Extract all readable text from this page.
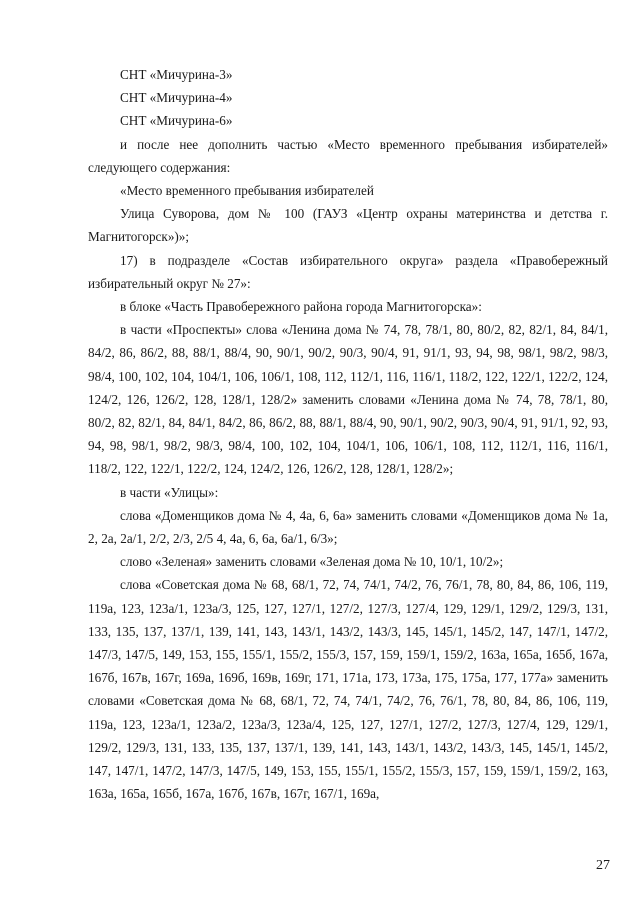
СНТ «Мичурина-3»

СНТ «Мичурина-4»

СНТ «Мичурина-6»

и после нее дополнить частью «Место временного пребывания избирателей» следующего содержания:

«Место временного пребывания избирателей

Улица Суворова, дом № 100 (ГАУЗ «Центр охраны материнства и детства г. Магнитогорск»)»;

17) в подразделе «Состав избирательного округа» раздела «Правобережный избирательный округ № 27»:

в блоке «Часть Правобережного района города Магнитогорска»:

в части «Проспекты» слова «Ленина дома № 74, 78, 78/1, 80, 80/2, 82, 82/1, 84, 84/1, 84/2, 86, 86/2, 88, 88/1, 88/4, 90, 90/1, 90/2, 90/3, 90/4, 91, 91/1, 93, 94, 98, 98/1, 98/2, 98/3, 98/4, 100, 102, 104, 104/1, 106, 106/1, 108, 112, 112/1, 116, 116/1, 118/2, 122, 122/1, 122/2, 124, 124/2, 126, 126/2, 128, 128/1, 128/2» заменить словами «Ленина дома № 74, 78, 78/1, 80, 80/2, 82, 82/1, 84, 84/1, 84/2, 86, 86/2, 88, 88/1, 88/4, 90, 90/1, 90/2, 90/3, 90/4, 91, 91/1, 92, 93, 94, 98, 98/1, 98/2, 98/3, 98/4, 100, 102, 104, 104/1, 106, 106/1, 108, 112, 112/1, 116, 116/1, 118/2, 122, 122/1, 122/2, 124, 124/2, 126, 126/2, 128, 128/1, 128/2»;

в части «Улицы»:

слова «Доменщиков дома № 4, 4а, 6, 6а» заменить словами «Доменщиков дома № 1а, 2, 2а, 2а/1, 2/2, 2/3, 2/5 4, 4а, 6, 6а, 6а/1, 6/3»;

слово «Зеленая» заменить словами «Зеленая дома № 10, 10/1, 10/2»;

слова «Советская дома № 68, 68/1, 72, 74, 74/1, 74/2, 76, 76/1, 78, 80, 84, 86, 106, 119, 119а, 123, 123а/1, 123а/3, 125, 127, 127/1, 127/2, 127/3, 127/4, 129, 129/1, 129/2, 129/3, 131, 133, 135, 137, 137/1, 139, 141, 143, 143/1, 143/2, 143/3, 145, 145/1, 145/2, 147, 147/1, 147/2, 147/3, 147/5, 149, 153, 155, 155/1, 155/2, 155/3, 157, 159, 159/1, 159/2, 163а, 165а, 165б, 167а, 167б, 167в, 167г, 169а, 169б, 169в, 169г, 171, 171а, 173, 173а, 175, 175а, 177, 177а» заменить словами «Советская дома № 68, 68/1, 72, 74, 74/1, 74/2, 76, 76/1, 78, 80, 84, 86, 106, 119, 119а, 123, 123а/1, 123а/2, 123а/3, 123а/4, 125, 127, 127/1, 127/2, 127/3, 127/4, 129, 129/1, 129/2, 129/3, 131, 133, 135, 137, 137/1, 139, 141, 143, 143/1, 143/2, 143/3, 145, 145/1, 145/2, 147, 147/1, 147/2, 147/3, 147/5, 149, 153, 155, 155/1, 155/2, 155/3, 157, 159, 159/1, 159/2, 163, 163а, 165а, 165б, 167а, 167б, 167в, 167г, 167/1, 169а,

27
